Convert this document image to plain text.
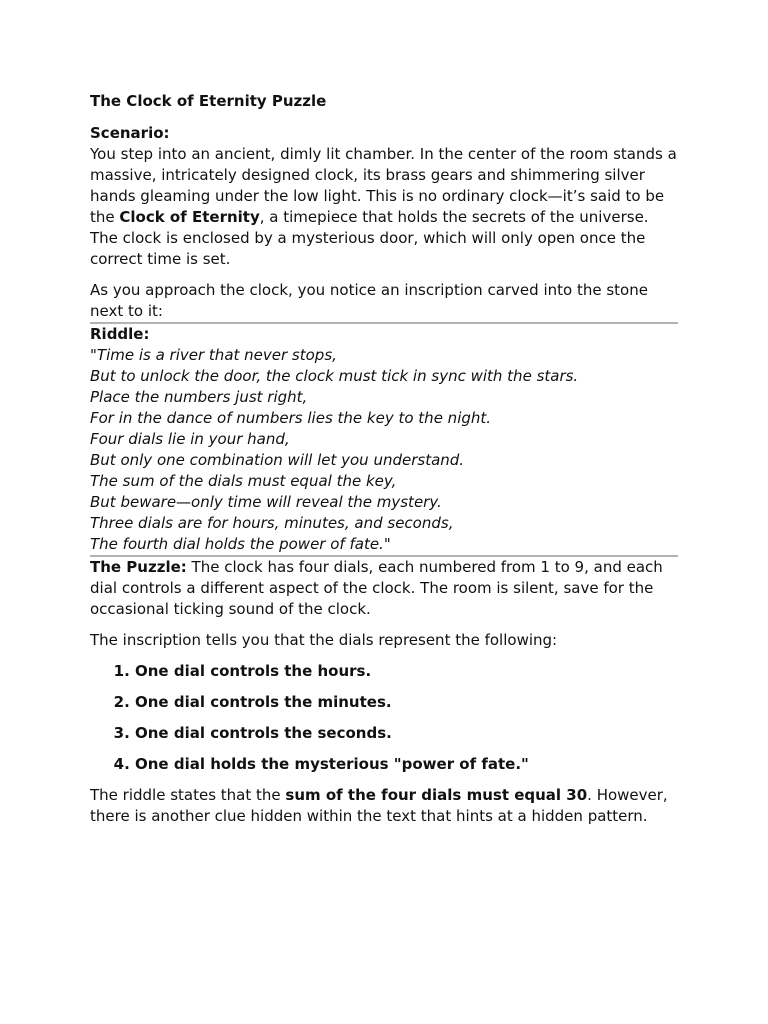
The Clock of Eternity Puzzle

Scenario:

You step into an ancient, dimly lit chamber. In the center of the room stands a massive, intricately designed clock, its brass gears and shimmering silver hands gleaming under the low light. This is no ordinary clock—it’s said to be the Clock of Eternity, a timepiece that holds the secrets of the universe. The clock is enclosed by a mysterious door, which will only open once the correct time is set.

As you approach the clock, you notice an inscription carved into the stone next to it:

Riddle:

"Time is a river that never stops,

But to unlock the door, the clock must tick in sync with the stars.

Place the numbers just right,

For in the dance of numbers lies the key to the night.

Four dials lie in your hand,

But only one combination will let you understand.

The sum of the dials must equal the key,

But beware—only time will reveal the mystery.

Three dials are for hours, minutes, and seconds,

The fourth dial holds the power of fate."

The Puzzle: The clock has four dials, each numbered from 1 to 9, and each dial controls a different aspect of the clock. The room is silent, save for the occasional ticking sound of the clock.

The inscription tells you that the dials represent the following:

1. One dial controls the hours.
2. One dial controls the minutes.
3. One dial controls the seconds.
4. One dial holds the mysterious "power of fate."

The riddle states that the sum of the four dials must equal 30. However, there is another clue hidden within the text that hints at a hidden pattern.
